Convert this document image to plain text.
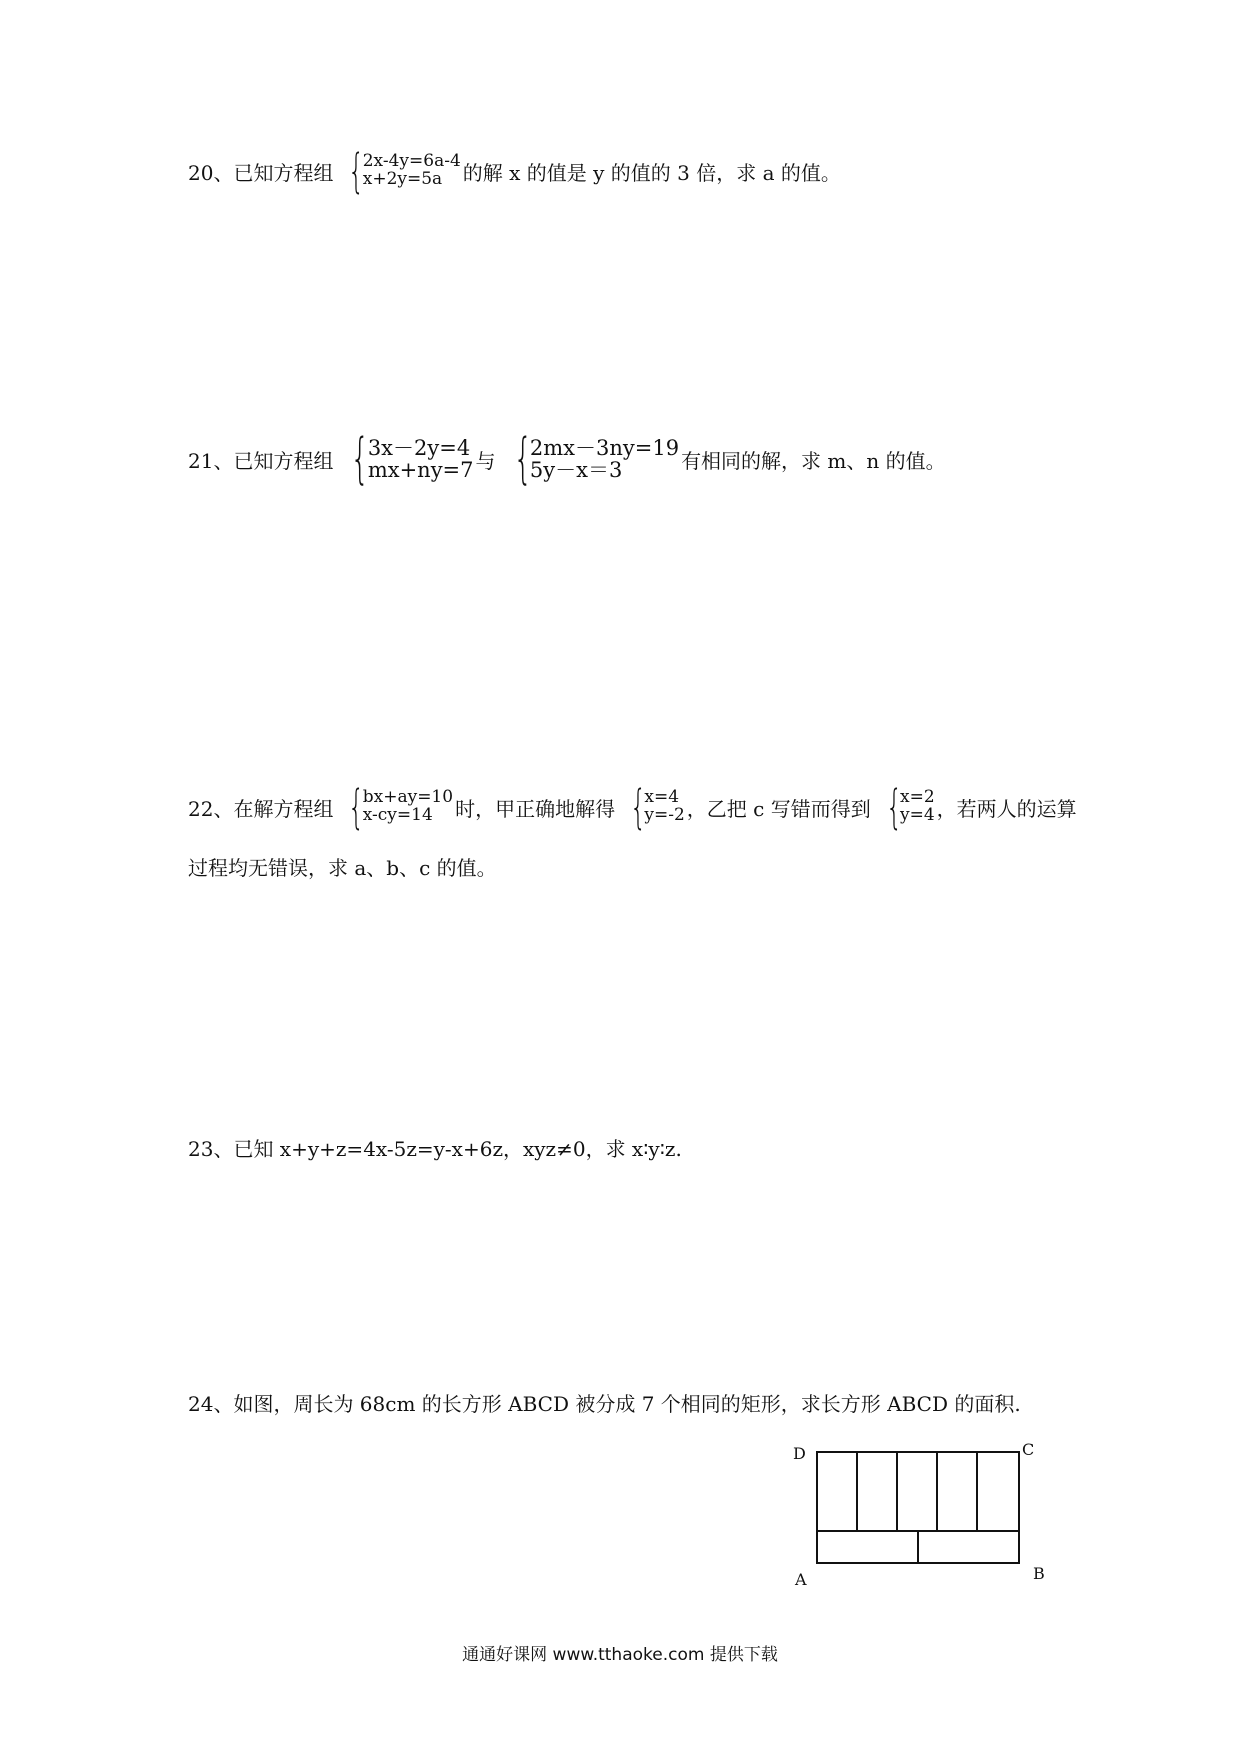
20、已知方程组 {
2x-4y=6a-4
x+2y=5a	的解 x 的值是 y 的值的 3 倍，求 a 的值。
21、已知方程组 {
3x－2y=4
mx+ny=7 与 {
2mx－3ny=19
5y－x＝3	有相同的解，求 m、n 的值。
22、在解方程组 {
bx+ay=10
x-cy=14	时，甲正确地解得 {
x=4
y=-2 ，乙把 c 写错而得到 {
x=2
y=4 ，若两人的运算
过程均无错误，求 a、b、c 的值。
23、已知 x+y+z=4x-5z=y-x+6z，xyz≠0，求 x∶y∶z.
24、如图，周长为 68cm 的长方形 ABCD 被分成 7 个相同的矩形，求长方形 ABCD 的面积.
D	C
A	B
通通好课网 www.tthaoke.com 提供下载
